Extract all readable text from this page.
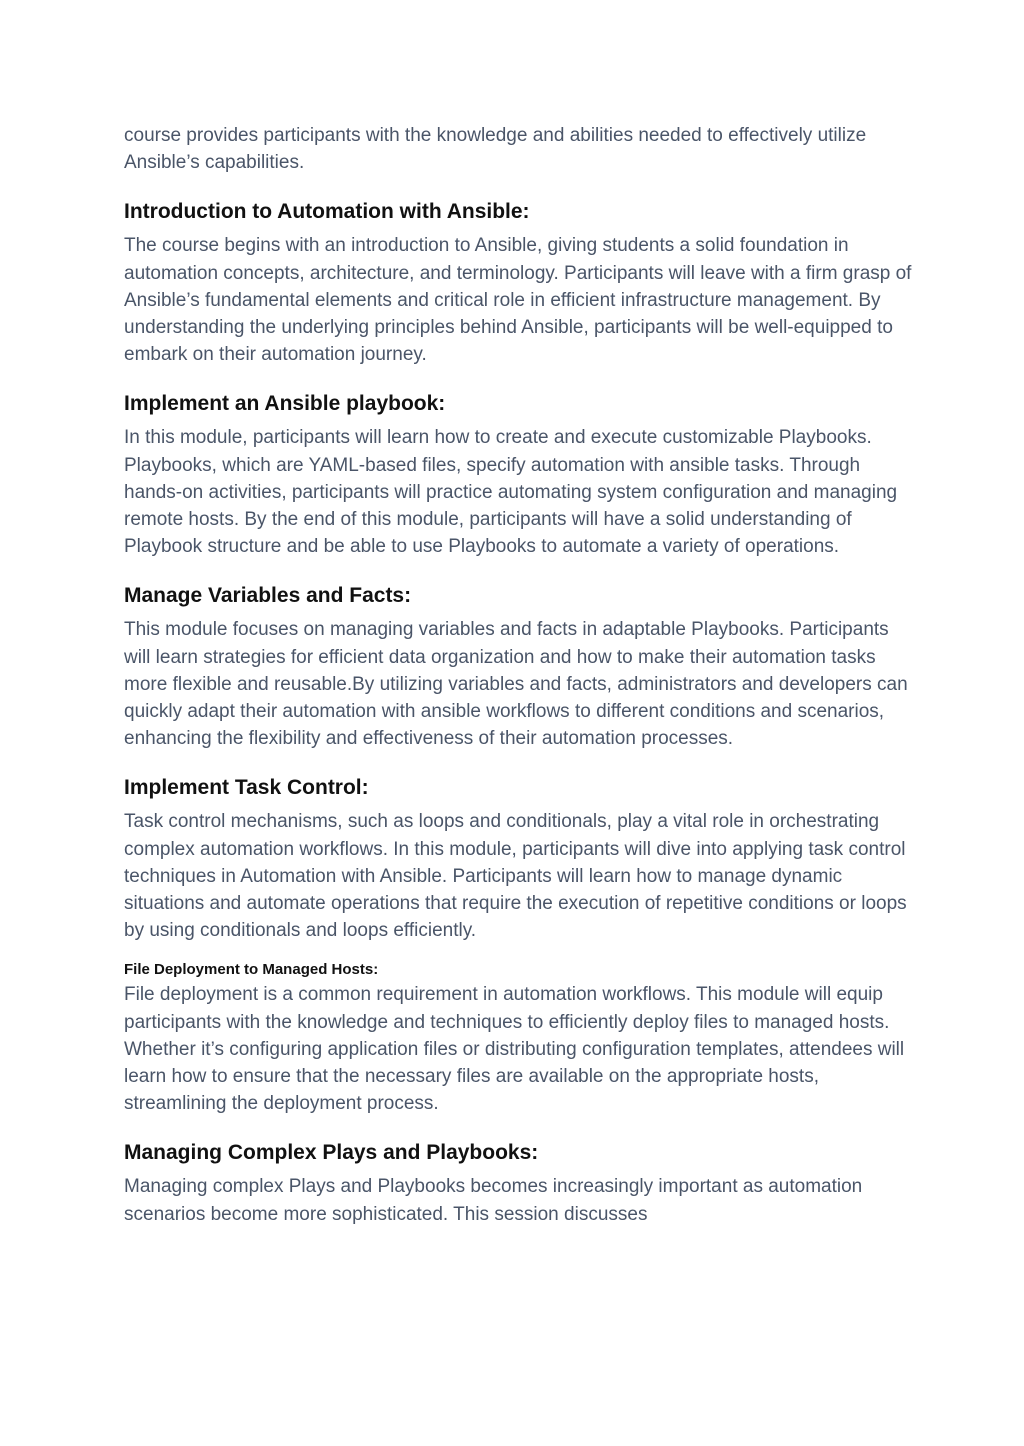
course provides participants with the knowledge and abilities needed to effectively utilize Ansible’s capabilities.

Introduction to Automation with Ansible:

The course begins with an introduction to Ansible, giving students a solid foundation in automation concepts, architecture, and terminology. Participants will leave with a firm grasp of Ansible’s fundamental elements and critical role in efficient infrastructure management. By understanding the underlying principles behind Ansible, participants will be well-equipped to embark on their automation journey.

Implement an Ansible playbook:

In this module, participants will learn how to create and execute customizable Playbooks. Playbooks, which are YAML-based files, specify automation with ansible tasks. Through hands-on activities, participants will practice automating system configuration and managing remote hosts. By the end of this module, participants will have a solid understanding of Playbook structure and be able to use Playbooks to automate a variety of operations.

Manage Variables and Facts:

This module focuses on managing variables and facts in adaptable Playbooks. Participants will learn strategies for efficient data organization and how to make their automation tasks more flexible and reusable.By utilizing variables and facts, administrators and developers can quickly adapt their automation with ansible workflows to different conditions and scenarios, enhancing the flexibility and effectiveness of their automation processes.

Implement Task Control:

Task control mechanisms, such as loops and conditionals, play a vital role in orchestrating complex automation workflows. In this module, participants will dive into applying task control techniques in Automation with Ansible. Participants will learn how to manage dynamic situations and automate operations that require the execution of repetitive conditions or loops by using conditionals and loops efficiently.

File Deployment to Managed Hosts:

File deployment is a common requirement in automation workflows. This module will equip participants with the knowledge and techniques to efficiently deploy files to managed hosts. Whether it’s configuring application files or distributing configuration templates, attendees will learn how to ensure that the necessary files are available on the appropriate hosts, streamlining the deployment process.

Managing Complex Plays and Playbooks:

Managing complex Plays and Playbooks becomes increasingly important as automation scenarios become more sophisticated. This session discusses
